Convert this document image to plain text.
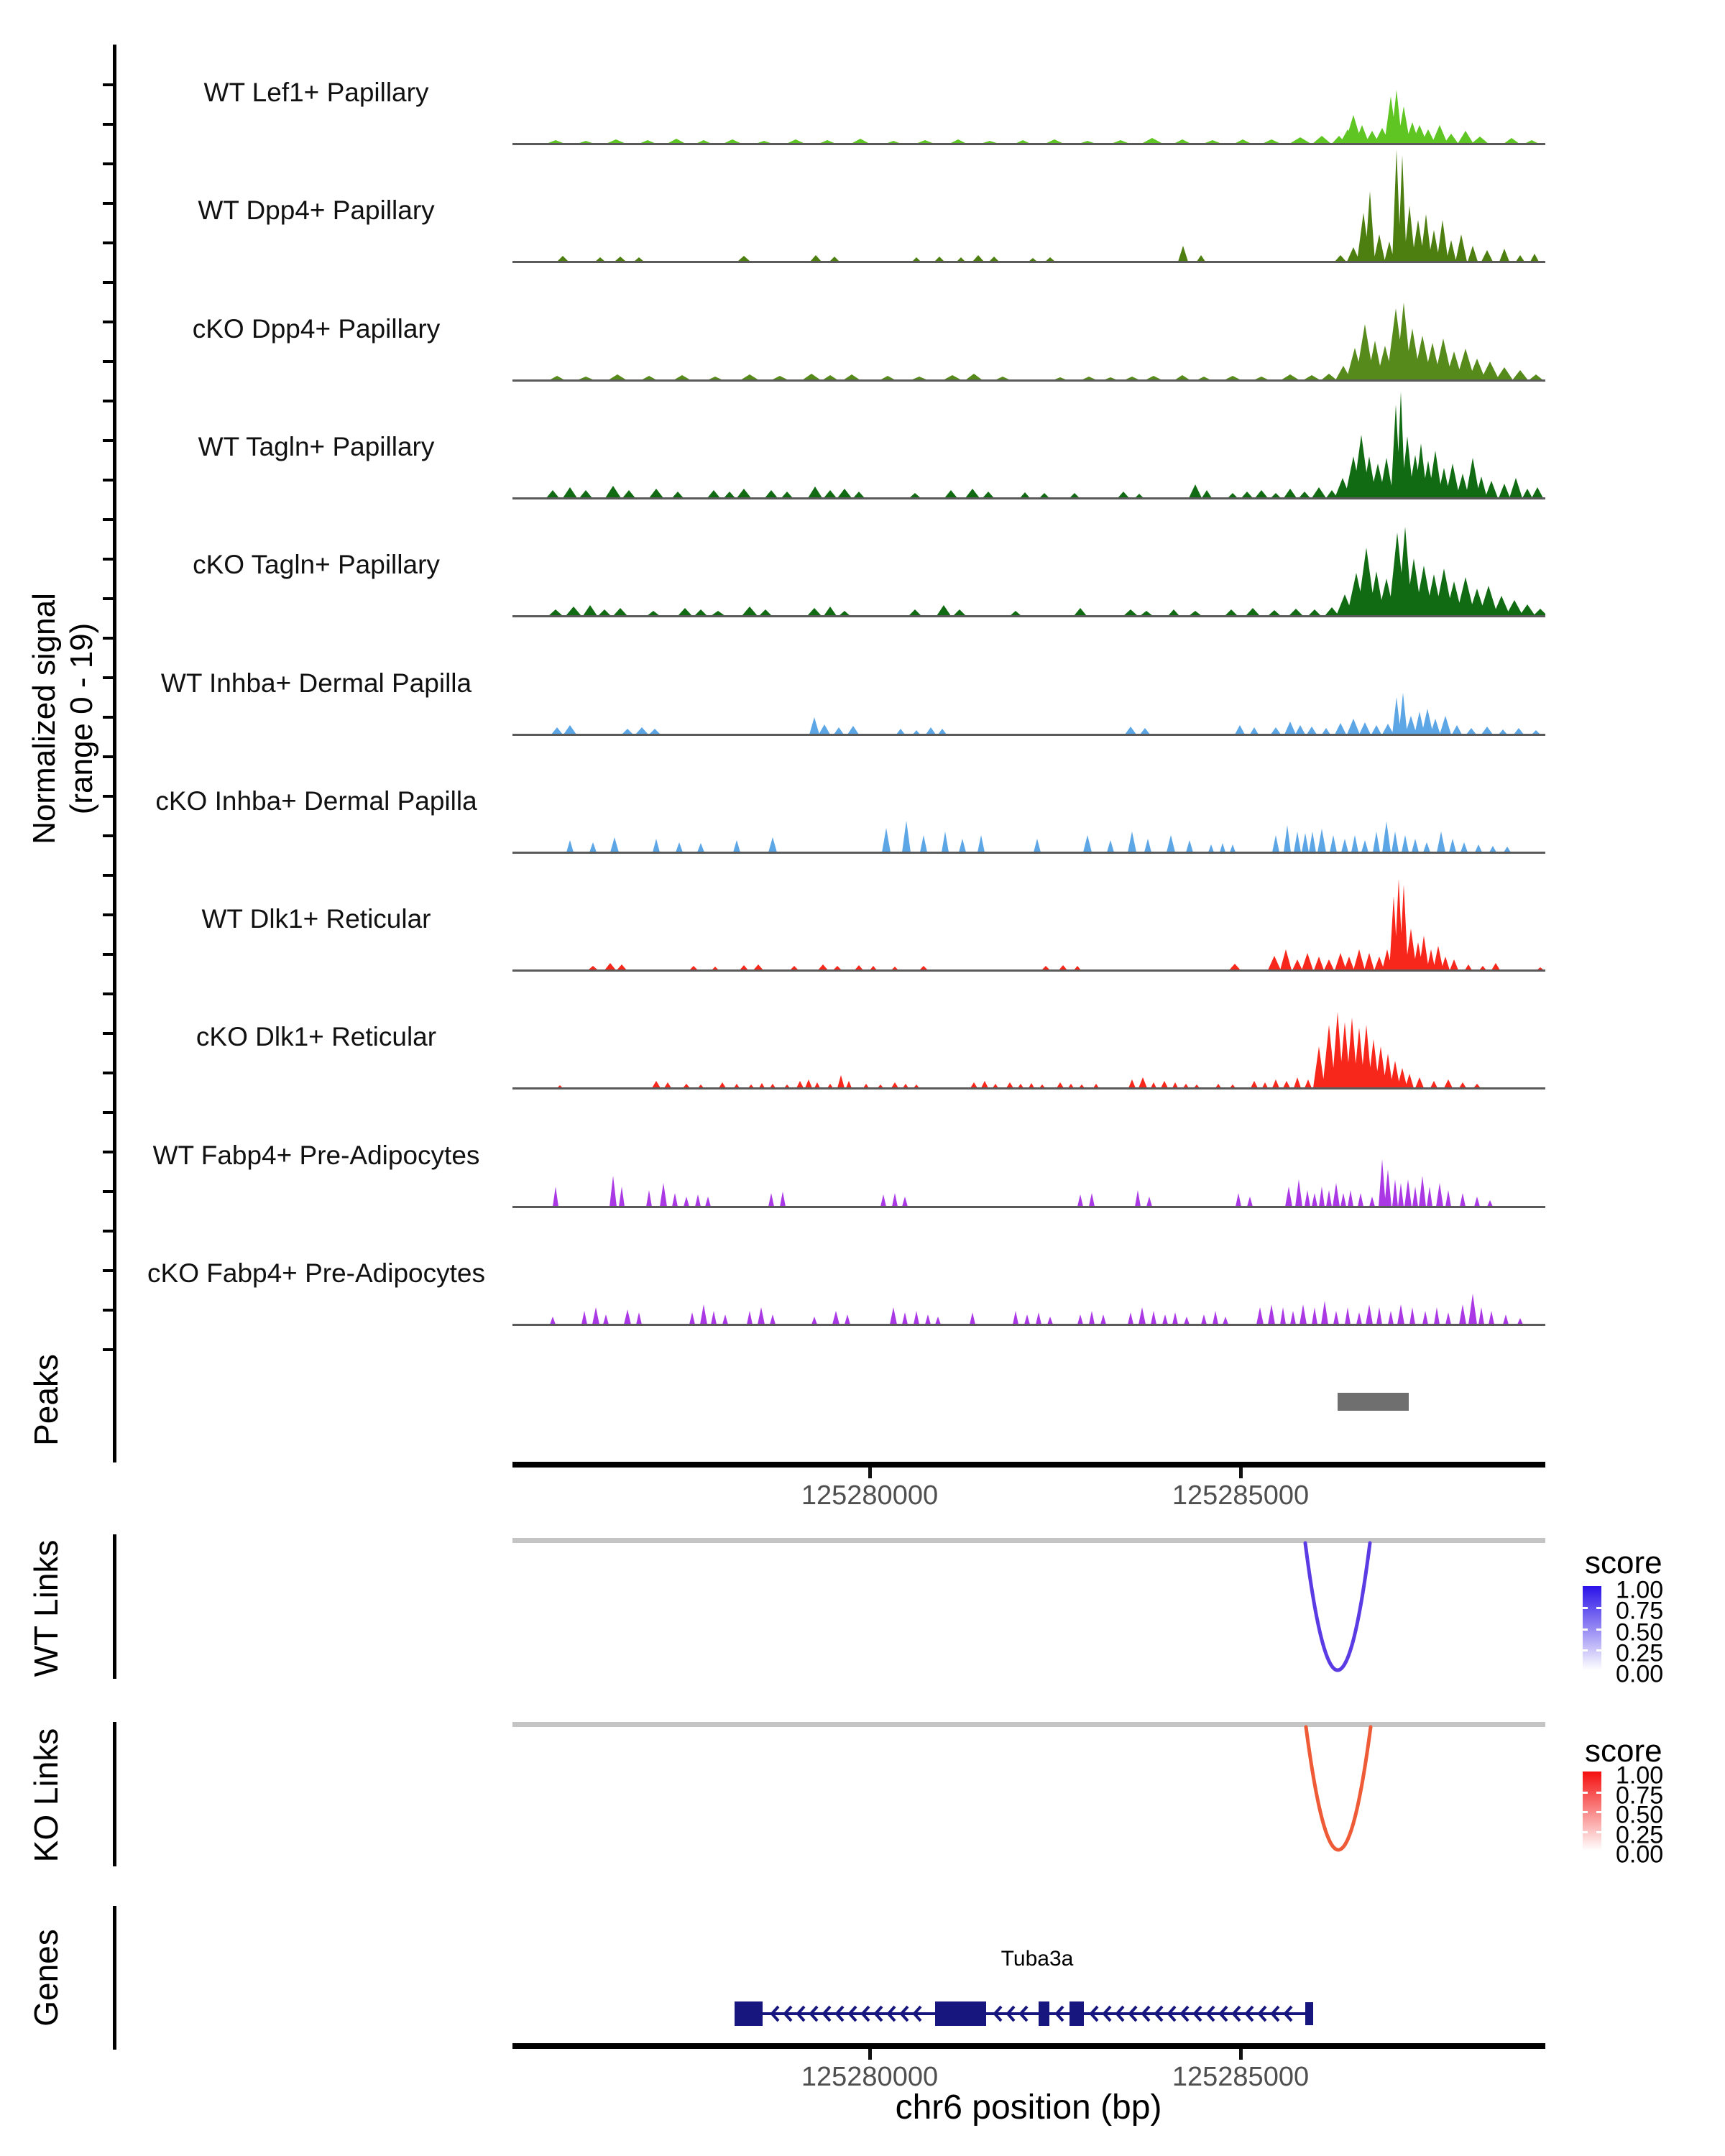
Normalized signal (range 0 - 19)
Peaks
WT Links
KO Links
Genes	Tuba3a
chr6 position (bp)
WT Lef1+ Papillary
WT Dpp4+ Papillary
cKO Dpp4+ Papillary
WT Tagln+ Papillary
cKO Tagln+ Papillary
WT Inhba+ Dermal Papilla
cKO Inhba+ Dermal Papilla
WT Dlk1+ Reticular
cKO Dlk1+ Reticular
WT Fabp4+ Pre-Adipocytes
cKO Fabp4+ Pre-Adipocytes
125280000	125285000
125280000	125285000
score
1.00
0.75
0.50
0.25
0.00
score
1.00
0.75
0.50
0.25
0.00
